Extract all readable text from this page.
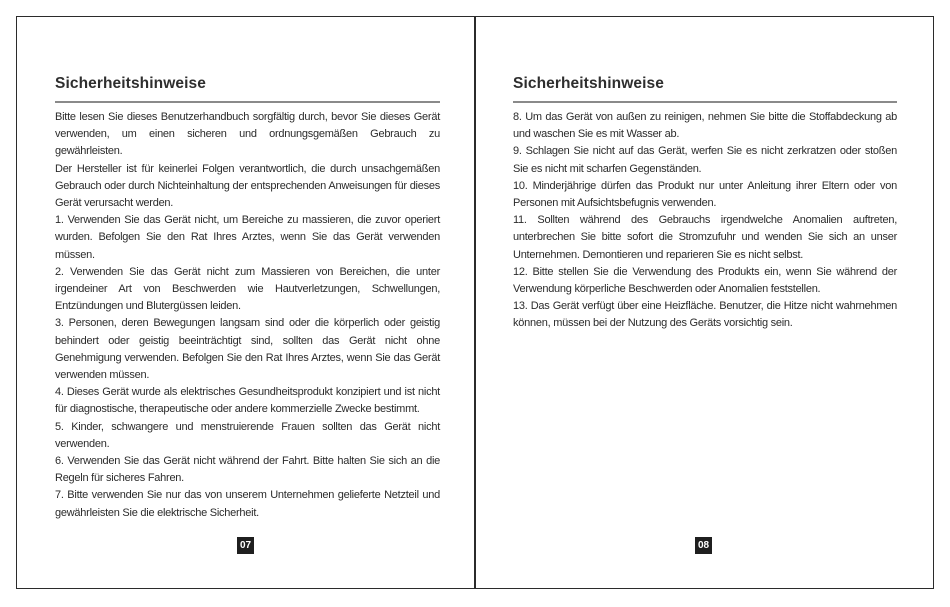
Sicherheitshinweise

Bitte lesen Sie dieses Benutzerhandbuch sorgfältig durch, bevor Sie dieses Gerät verwenden, um einen sicheren und ordnungsgemäßen Gebrauch zu gewährleisten.

Der Hersteller ist für keinerlei Folgen verantwortlich, die durch unsachgemäßen Gebrauch oder durch Nichteinhaltung der entsprechenden Anweisungen für dieses Gerät verursacht werden.

1. Verwenden Sie das Gerät nicht, um Bereiche zu massieren, die zuvor operiert wurden. Befolgen Sie den Rat Ihres Arztes, wenn Sie das Gerät verwenden müssen.

2. Verwenden Sie das Gerät nicht zum Massieren von Bereichen, die unter irgendeiner Art von Beschwerden wie Hautverletzungen, Schwellungen, Entzündungen und Blutergüssen leiden.

3. Personen, deren Bewegungen langsam sind oder die körperlich oder geistig behindert oder geistig beeinträchtigt sind, sollten das Gerät nicht ohne Genehmigung verwenden. Befolgen Sie den Rat Ihres Arztes, wenn Sie das Gerät verwenden müssen.

4. Dieses Gerät wurde als elektrisches Gesundheitsprodukt konzipiert und ist nicht für diagnostische, therapeutische oder andere kommerzielle Zwecke bestimmt.

5. Kinder, schwangere und menstruierende Frauen sollten das Gerät nicht verwenden.

6. Verwenden Sie das Gerät nicht während der Fahrt. Bitte halten Sie sich an die Regeln für sicheres Fahren.

7. Bitte verwenden Sie nur das von unserem Unternehmen gelieferte Netzteil und gewährleisten Sie die elektrische Sicherheit.

07
Sicherheitshinweise

8. Um das Gerät von außen zu reinigen, nehmen Sie bitte die Stoffabdeckung ab und waschen Sie es mit Wasser ab.

9. Schlagen Sie nicht auf das Gerät, werfen Sie es nicht zerkratzen oder stoßen Sie es nicht mit scharfen Gegenständen.

10. Minderjährige dürfen das Produkt nur unter Anleitung ihrer Eltern oder von Personen mit Aufsichtsbefugnis verwenden.

11. Sollten während des Gebrauchs irgendwelche Anomalien auftreten, unterbrechen Sie bitte sofort die Stromzufuhr und wenden Sie sich an unser Unternehmen. Demontieren und reparieren Sie es nicht selbst.

12. Bitte stellen Sie die Verwendung des Produkts ein, wenn Sie während der Verwendung körperliche Beschwerden oder Anomalien feststellen.

13. Das Gerät verfügt über eine Heizfläche. Benutzer, die Hitze nicht wahrnehmen können, müssen bei der Nutzung des Geräts vorsichtig sein.

08
